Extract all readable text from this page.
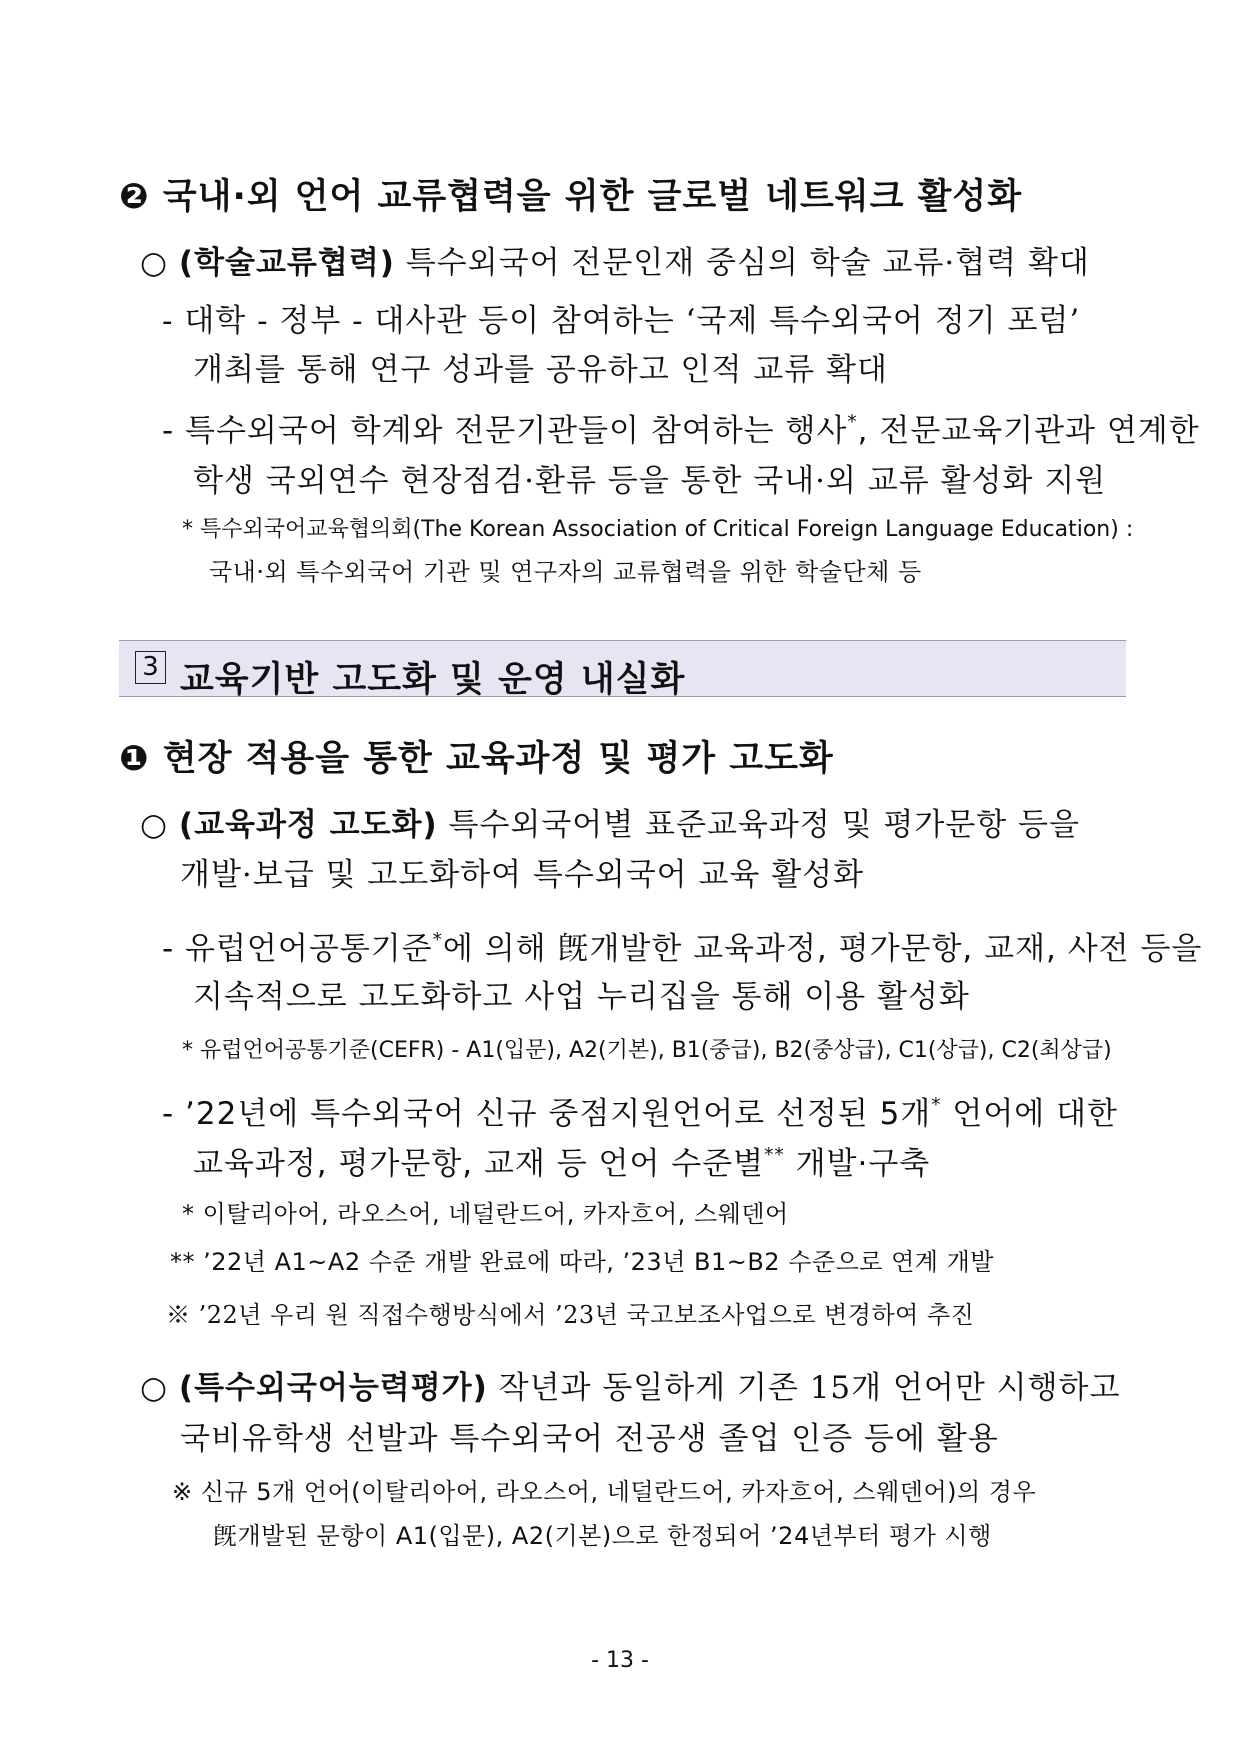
❷ 국내·외 언어 교류협력을 위한 글로벌 네트워크 활성화
○ (학술교류협력) 특수외국어 전문인재 중심의 학술 교류·협력 확대
- 대학 - 정부 - 대사관 등이 참여하는 ‘국제 특수외국어 정기 포럼’
개최를 통해 연구 성과를 공유하고 인적 교류 확대
- 특수외국어 학계와 전문기관들이 참여하는 행사*, 전문교육기관과 연계한
학생 국외연수 현장점검·환류 등을 통한 국내·외 교류 활성화 지원
* 특수외국어교육협의회(The Korean Association of Critical Foreign Language Education) :
국내·외 특수외국어 기관 및 연구자의 교류협력을 위한 학술단체 등
3 교육기반 고도화 및 운영 내실화
❶ 현장 적용을 통한 교육과정 및 평가 고도화
○ (교육과정 고도화) 특수외국어별 표준교육과정 및 평가문항 등을
개발·보급 및 고도화하여 특수외국어 교육 활성화
- 유럽언어공통기준*에 의해 旣개발한 교육과정, 평가문항, 교재, 사전 등을
지속적으로 고도화하고 사업 누리집을 통해 이용 활성화
* 유럽언어공통기준(CEFR) - A1(입문), A2(기본), B1(중급), B2(중상급), C1(상급), C2(최상급)
- ’22년에 특수외국어 신규 중점지원언어로 선정된 5개* 언어에 대한
교육과정, 평가문항, 교재 등 언어 수준별** 개발·구축
* 이탈리아어, 라오스어, 네덜란드어, 카자흐어, 스웨덴어
** ’22년 A1~A2 수준 개발 완료에 따라, ’23년 B1~B2 수준으로 연계 개발
※ ’22년 우리 원 직접수행방식에서 ’23년 국고보조사업으로 변경하여 추진
○ (특수외국어능력평가) 작년과 동일하게 기존 15개 언어만 시행하고
국비유학생 선발과 특수외국어 전공생 졸업 인증 등에 활용
※ 신규 5개 언어(이탈리아어, 라오스어, 네덜란드어, 카자흐어, 스웨덴어)의 경우
旣개발된 문항이 A1(입문), A2(기본)으로 한정되어 ’24년부터 평가 시행
- 13 -
